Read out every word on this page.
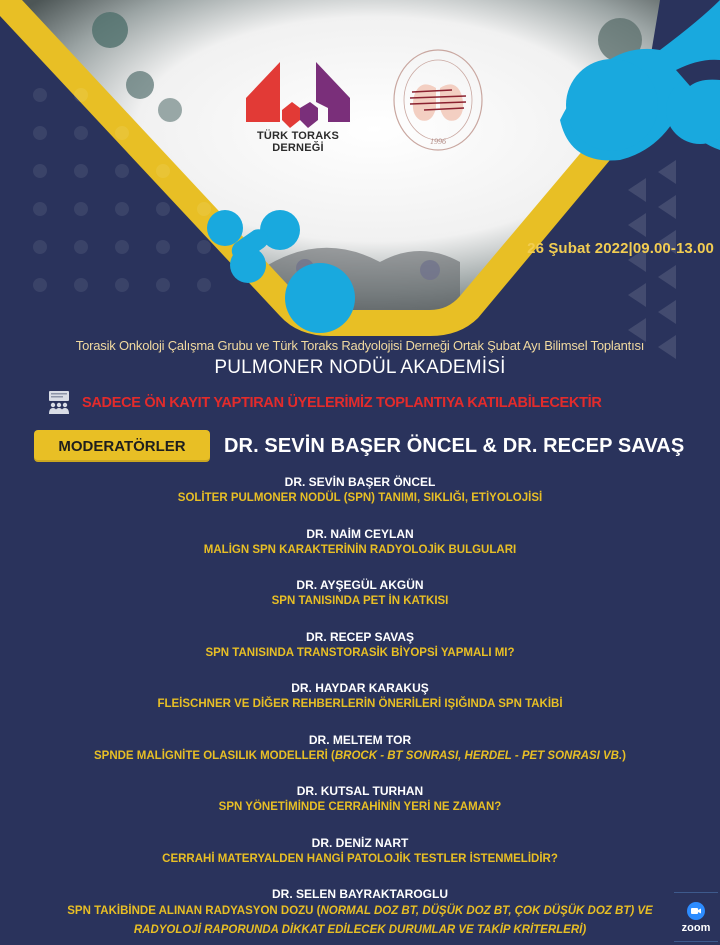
TÜRK TORAKS DERNEĞİ
1996
26 Şubat 2022|09.00-13.00
Torasik Onkoloji Çalışma Grubu ve Türk Toraks Radyolojisi Derneği Ortak Şubat Ayı Bilimsel Toplantısı
PULMONER NODÜL AKADEMİSİ
SADECE ÖN KAYIT YAPTIRAN ÜYELERİMİZ TOPLANTIYA KATILABİLECEKTİR
MODERATÖRLER	DR. SEVİN BAŞER ÖNCEL & DR. RECEP SAVAŞ
DR. SEVİN BAŞER ÖNCEL
SOLİTER PULMONER NODÜL (SPN) TANIMI, SIKLIĞI, ETİYOLOJİSİ
DR. NAİM CEYLAN
MALİGN SPN KARAKTERİNİN RADYOLOJİK BULGULARI
DR. AYŞEGÜL AKGÜN
SPN TANISINDA PET İN KATKISI
DR. RECEP SAVAŞ
SPN TANISINDA TRANSTORASİK BİYOPSİ YAPMALI MI?
DR. HAYDAR KARAKUŞ
FLEİSCHNER VE DİĞER REHBERLERİN ÖNERİLERİ IŞIĞINDA SPN TAKİBİ
DR. MELTEM TOR
SPNDE MALİGNİTE OLASILIK MODELLERİ (BROCK - BT SONRASI, HERDEL - PET SONRASI VB.)
DR. KUTSAL TURHAN
SPN YÖNETİMİNDE CERRAHİNİN YERİ NE ZAMAN?
DR. DENİZ NART
CERRAHİ MATERYALDEN HANGİ PATOLOJİK TESTLER İSTENMELİDİR?
DR. SELEN BAYRAKTAROGLU
SPN TAKİBİNDE ALINAN RADYASYON DOZU (NORMAL DOZ BT, DÜŞÜK DOZ BT, ÇOK DÜŞÜK DOZ BT) VE RADYOLOJİ RAPORUNDA DİKKAT EDİLECEK DURUMLAR VE TAKİP KRİTERLERİ)	zoom
